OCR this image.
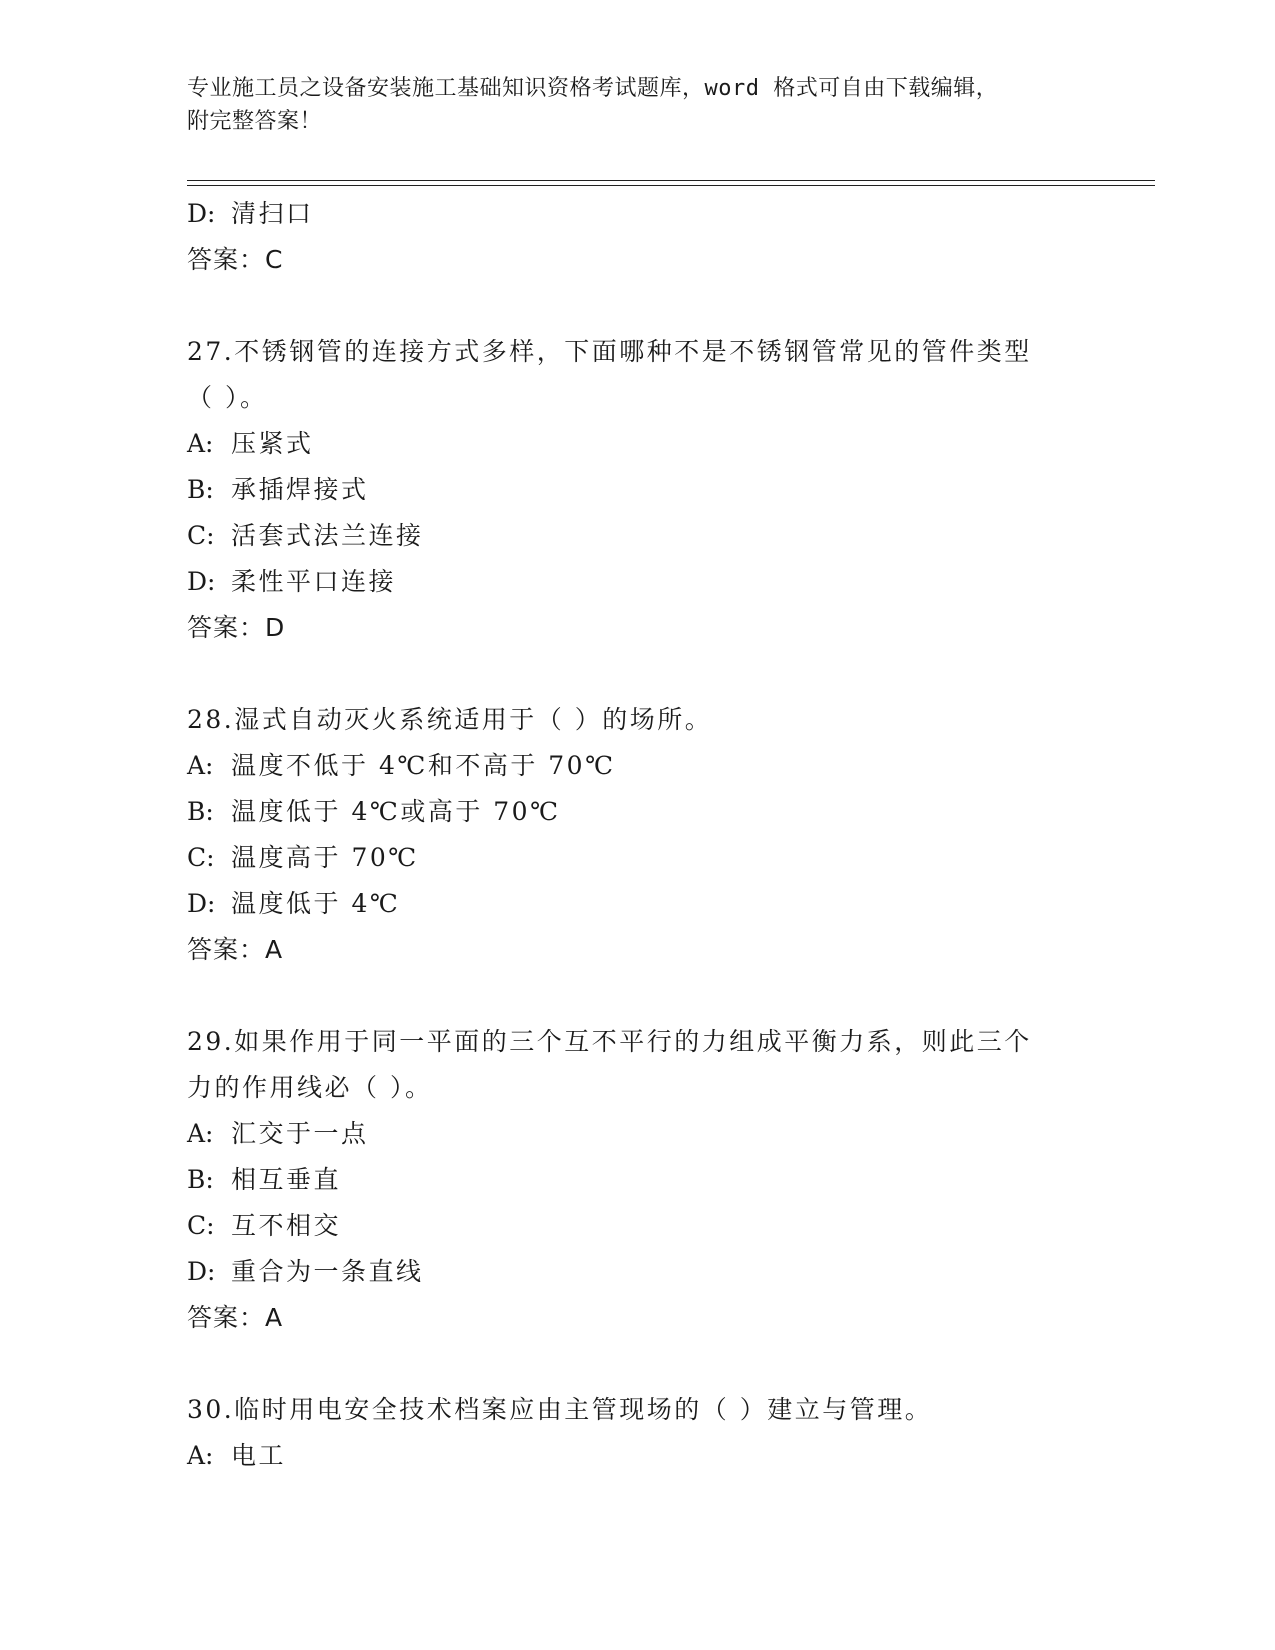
专业施工员之设备安装施工基础知识资格考试题库，word 格式可自由下载编辑，
附完整答案！
D: 清扫口
答案：C
27.不锈钢管的连接方式多样，下面哪种不是不锈钢管常见的管件类型
（ ）。
A: 压紧式
B: 承插焊接式
C: 活套式法兰连接
D: 柔性平口连接
答案：D
28.湿式自动灭火系统适用于（ ）的场所。
A: 温度不低于 4℃和不高于 70℃
B: 温度低于 4℃或高于 70℃
C: 温度高于 70℃
D: 温度低于 4℃
答案：A
29.如果作用于同一平面的三个互不平行的力组成平衡力系，则此三个
力的作用线必（ ）。
A: 汇交于一点
B: 相互垂直
C: 互不相交
D: 重合为一条直线
答案：A
30.临时用电安全技术档案应由主管现场的（ ）建立与管理。
A: 电工
